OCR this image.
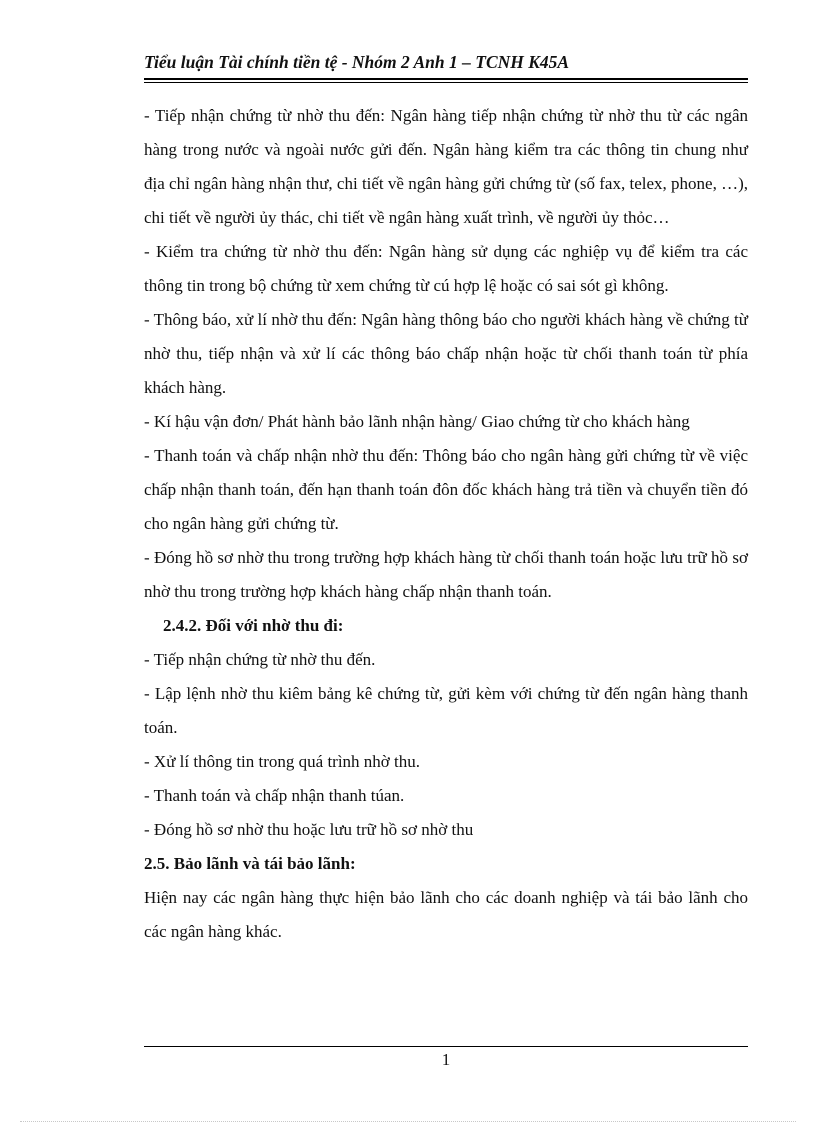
Tiểu luận Tài chính tiền tệ - Nhóm 2 Anh 1 – TCNH K45A

- Tiếp nhận chứng từ nhờ thu đến: Ngân hàng tiếp nhận chứng từ nhờ thu từ các ngân hàng trong nước và ngoài nước gửi đến. Ngân hàng kiểm tra các thông tin chung như địa chỉ ngân hàng nhận thư, chi tiết về ngân hàng gửi chứng từ (số fax, telex, phone, …), chi tiết về người ủy thác, chi tiết về ngân hàng xuất trình, về người ủy thỏc…

- Kiểm tra chứng từ nhờ thu đến: Ngân hàng sử dụng các nghiệp vụ để kiểm tra các thông tin trong bộ chứng từ xem chứng từ cú hợp lệ hoặc có sai sót gì không.

- Thông báo, xử lí nhờ thu đến: Ngân hàng thông báo cho người khách hàng về chứng từ nhờ thu, tiếp nhận và xử lí các thông báo chấp nhận hoặc từ chối thanh toán từ phía khách hàng.

- Kí hậu vận đơn/ Phát hành bảo lãnh nhận hàng/ Giao chứng từ cho khách hàng

- Thanh toán và chấp nhận nhờ thu đến: Thông báo cho ngân hàng gửi chứng từ về việc chấp nhận thanh toán, đến hạn thanh toán đôn đốc khách hàng trả tiền và chuyển tiền đó cho ngân hàng gửi chứng từ.

- Đóng hồ sơ nhờ thu trong trường hợp khách hàng từ chối thanh toán hoặc lưu trữ hồ sơ nhờ thu trong trường hợp khách hàng chấp nhận thanh toán.

2.4.2. Đối với nhờ thu đi:

- Tiếp nhận chứng từ nhờ thu đến.

- Lập lệnh nhờ thu kiêm bảng kê chứng từ, gửi kèm với chứng từ đến ngân hàng thanh toán.

- Xử lí thông tin trong quá trình nhờ thu.

- Thanh toán và chấp nhận thanh túan.

- Đóng hồ sơ nhờ thu hoặc lưu trữ hồ sơ nhờ thu

2.5. Bảo lãnh và tái bảo lãnh:

Hiện nay các ngân hàng thực hiện bảo lãnh cho các doanh nghiệp và tái bảo lãnh cho các ngân hàng khác.

1
